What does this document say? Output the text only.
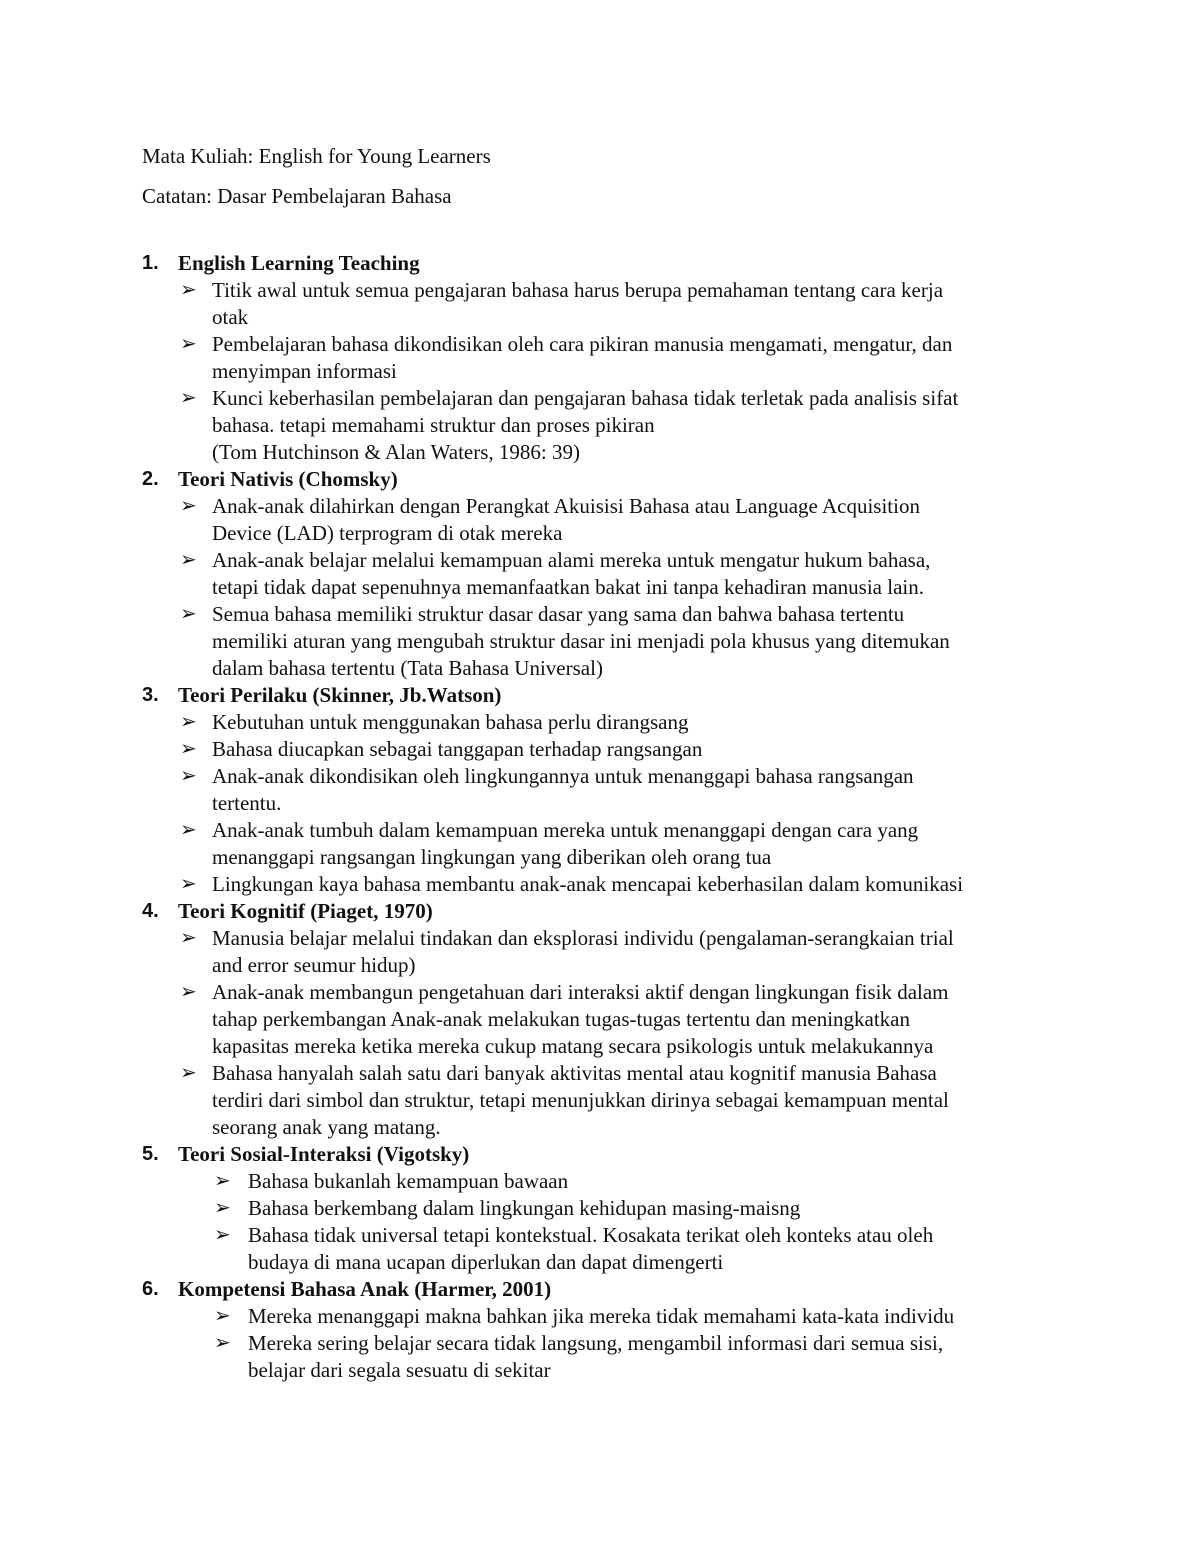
Mata Kuliah: English for Young Learners

Catatan: Dasar Pembelajaran Bahasa

1. English Learning Teaching
➢ Titik awal untuk semua pengajaran bahasa harus berupa pemahaman tentang cara kerja
otak
➢ Pembelajaran bahasa dikondisikan oleh cara pikiran manusia mengamati, mengatur, dan
menyimpan informasi
➢ Kunci keberhasilan pembelajaran dan pengajaran bahasa tidak terletak pada analisis sifat
bahasa. tetapi memahami struktur dan proses pikiran
(Tom Hutchinson & Alan Waters, 1986: 39)
2. Teori Nativis (Chomsky)
➢ Anak-anak dilahirkan dengan Perangkat Akuisisi Bahasa atau Language Acquisition
Device (LAD) terprogram di otak mereka
➢ Anak-anak belajar melalui kemampuan alami mereka untuk mengatur hukum bahasa,
tetapi tidak dapat sepenuhnya memanfaatkan bakat ini tanpa kehadiran manusia lain.
➢ Semua bahasa memiliki struktur dasar dasar yang sama dan bahwa bahasa tertentu
memiliki aturan yang mengubah struktur dasar ini menjadi pola khusus yang ditemukan
dalam bahasa tertentu (Tata Bahasa Universal)
3. Teori Perilaku (Skinner, Jb.Watson)
➢ Kebutuhan untuk menggunakan bahasa perlu dirangsang
➢ Bahasa diucapkan sebagai tanggapan terhadap rangsangan
➢ Anak-anak dikondisikan oleh lingkungannya untuk menanggapi bahasa rangsangan
tertentu.
➢ Anak-anak tumbuh dalam kemampuan mereka untuk menanggapi dengan cara yang
menanggapi rangsangan lingkungan yang diberikan oleh orang tua
➢ Lingkungan kaya bahasa membantu anak-anak mencapai keberhasilan dalam komunikasi
4. Teori Kognitif (Piaget, 1970)
➢ Manusia belajar melalui tindakan dan eksplorasi individu (pengalaman-serangkaian trial
and error seumur hidup)
➢ Anak-anak membangun pengetahuan dari interaksi aktif dengan lingkungan fisik dalam
tahap perkembangan Anak-anak melakukan tugas-tugas tertentu dan meningkatkan
kapasitas mereka ketika mereka cukup matang secara psikologis untuk melakukannya
➢ Bahasa hanyalah salah satu dari banyak aktivitas mental atau kognitif manusia Bahasa
terdiri dari simbol dan struktur, tetapi menunjukkan dirinya sebagai kemampuan mental
seorang anak yang matang.
5. Teori Sosial-Interaksi (Vigotsky)
➢ Bahasa bukanlah kemampuan bawaan
➢ Bahasa berkembang dalam lingkungan kehidupan masing-maisng
➢ Bahasa tidak universal tetapi kontekstual. Kosakata terikat oleh konteks atau oleh
budaya di mana ucapan diperlukan dan dapat dimengerti
6. Kompetensi Bahasa Anak (Harmer, 2001)
➢ Mereka menanggapi makna bahkan jika mereka tidak memahami kata-kata individu
➢ Mereka sering belajar secara tidak langsung, mengambil informasi dari semua sisi,
belajar dari segala sesuatu di sekitar
